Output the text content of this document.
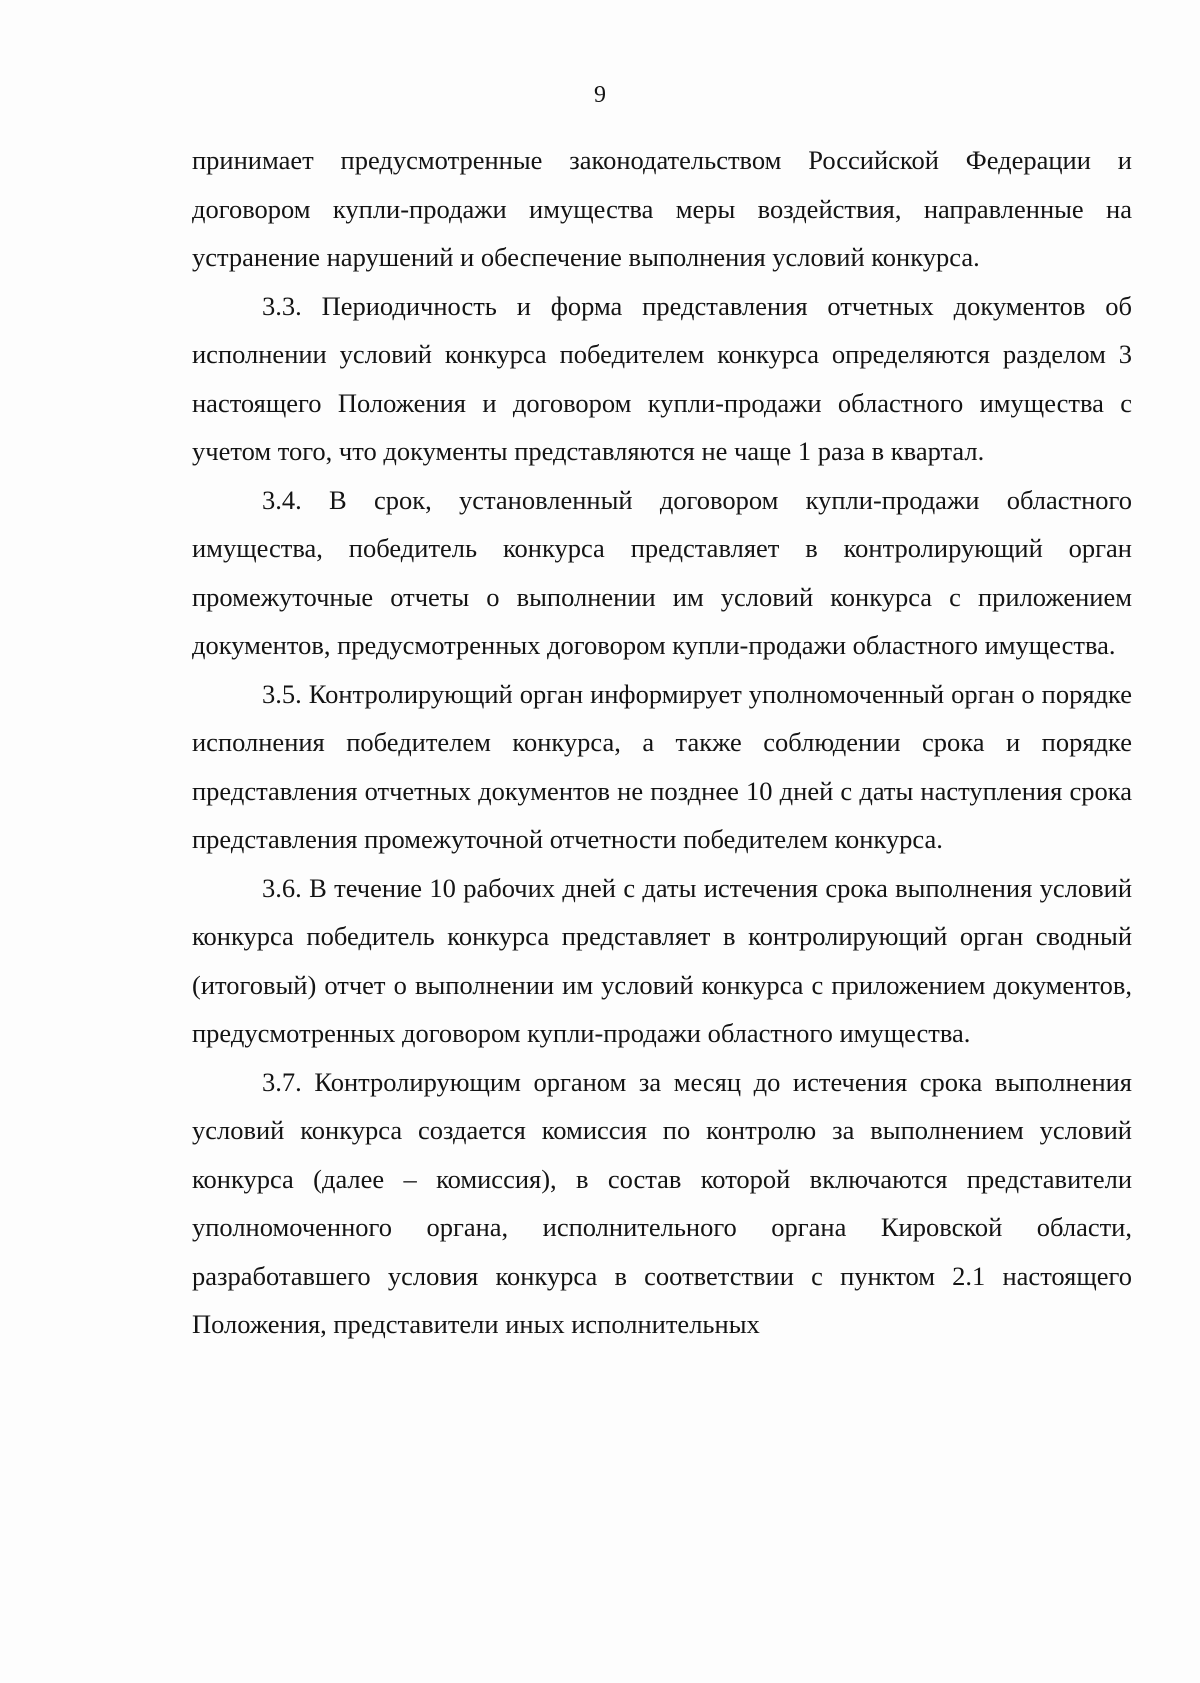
9

принимает предусмотренные законодательством Российской Федерации и договором купли-продажи имущества меры воздействия, направленные на устранение нарушений и обеспечение выполнения условий конкурса.

3.3. Периодичность и форма представления отчетных документов об исполнении условий конкурса победителем конкурса определяются разделом 3 настоящего Положения и договором купли-продажи областного имущества с учетом того, что документы представляются не чаще 1 раза в квартал.

3.4. В срок, установленный договором купли-продажи областного имущества, победитель конкурса представляет в контролирующий орган промежуточные отчеты о выполнении им условий конкурса с приложением документов, предусмотренных договором купли-продажи областного имущества.

3.5. Контролирующий орган информирует уполномоченный орган о порядке исполнения победителем конкурса, а также соблюдении срока и порядке представления отчетных документов не позднее 10 дней с даты наступления срока представления промежуточной отчетности победителем конкурса.

3.6. В течение 10 рабочих дней с даты истечения срока выполнения условий конкурса победитель конкурса представляет в контролирующий орган сводный (итоговый) отчет о выполнении им условий конкурса с приложением документов, предусмотренных договором купли-продажи областного имущества.

3.7. Контролирующим органом за месяц до истечения срока выполнения условий конкурса создается комиссия по контролю за выполнением условий конкурса (далее – комиссия), в состав которой включаются представители уполномоченного органа, исполнительного органа Кировской области, разработавшего условия конкурса в соответствии с пунктом 2.1 настоящего Положения, представители иных исполнительных
